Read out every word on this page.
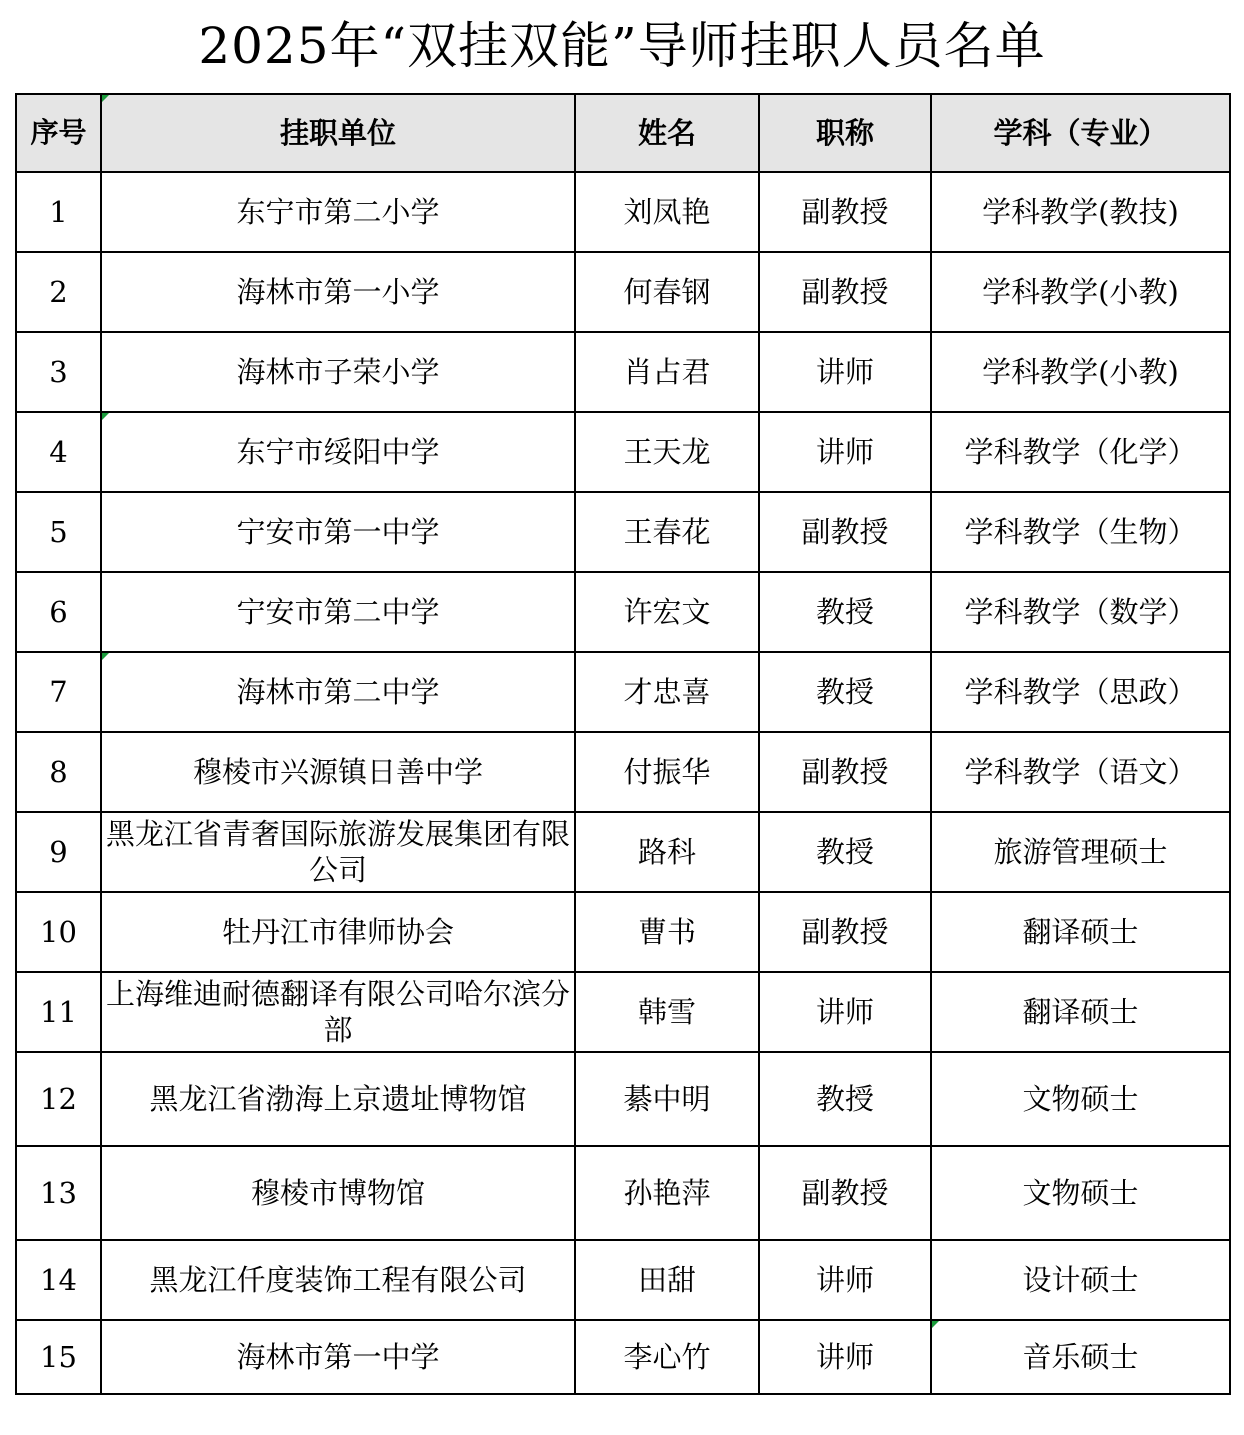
2025年“双挂双能”导师挂职人员名单
序号	挂职单位	姓名	职称	学科（专业）
1	东宁市第二小学	刘凤艳	副教授	学科教学(教技)
2	海林市第一小学	何春钢	副教授	学科教学(小教)
3	海林市子荣小学	肖占君	讲师	学科教学(小教)
4	东宁市绥阳中学	王天龙	讲师	学科教学（化学）
5	宁安市第一中学	王春花	副教授	学科教学（生物）
6	宁安市第二中学	许宏文	教授	学科教学（数学）
7	海林市第二中学	才忠喜	教授	学科教学（思政）
8	穆棱市兴源镇日善中学	付振华	副教授	学科教学（语文）
9	黑龙江省青奢国际旅游发展集团有限公司	路科	教授	旅游管理硕士
10	牡丹江市律师协会	曹书	副教授	翻译硕士
11	上海维迪耐德翻译有限公司哈尔滨分部	韩雪	讲师	翻译硕士
12	黑龙江省渤海上京遗址博物馆	綦中明	教授	文物硕士
13	穆棱市博物馆	孙艳萍	副教授	文物硕士
14	黑龙江仟度装饰工程有限公司	田甜	讲师	设计硕士
15	海林市第一中学	李心竹	讲师	音乐硕士
